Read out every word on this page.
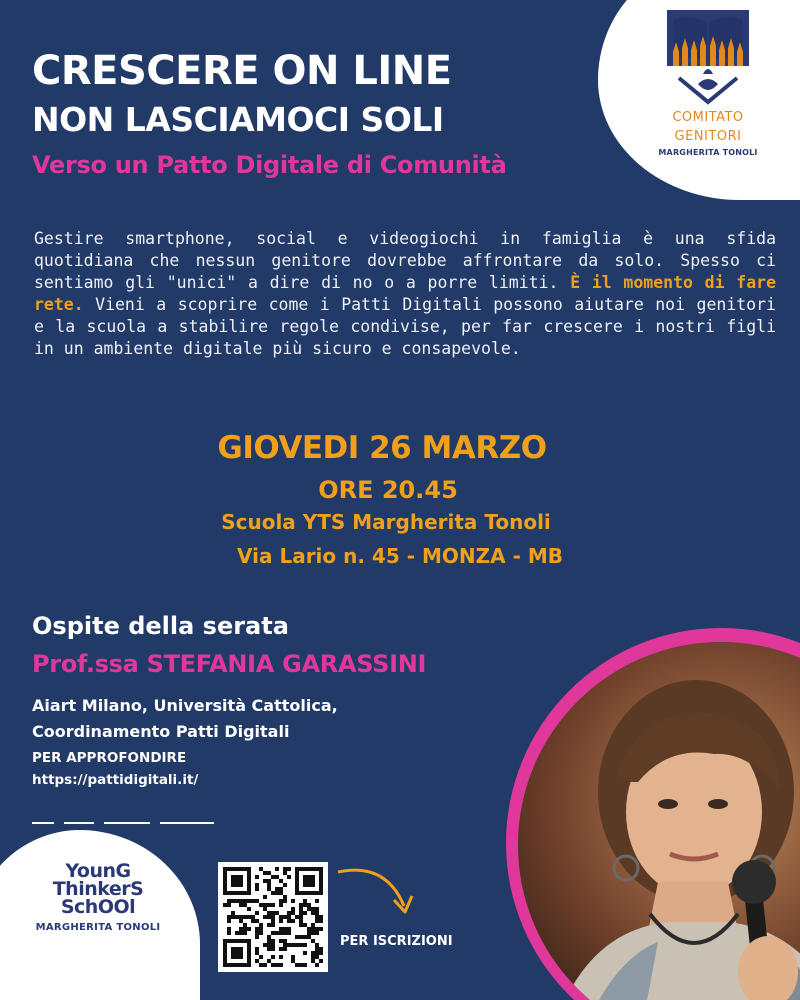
COMITATO
GENITORI
MARGHERITA TONOLI
CRESCERE ON LINE
NON LASCIAMOCI SOLI
Verso un Patto Digitale di Comunità
Gestire smartphone, social e videogiochi in famiglia è una sfida quotidiana che nessun genitore dovrebbe affrontare da solo. Spesso ci sentiamo gli "unici" a dire di no o a porre limiti. È il momento di fare rete. Vieni a scoprire come i Patti Digitali possono aiutare noi genitori e la scuola a stabilire regole condivise, per far crescere i nostri figli in un ambiente digitale più sicuro e consapevole.
GIOVEDI 26 MARZO
ORE 20.45
Scuola YTS Margherita Tonoli
Via Lario n. 45 - MONZA - MB
Ospite della serata
Prof.ssa STEFANIA GARASSINI
Aiart Milano, Università Cattolica,
Coordinamento Patti Digitali
PER APPROFONDIRE
https://pattidigitali.it/
YounG
ThinkerS
SchOOl
MARGHERITA TONOLI
PER ISCRIZIONI
